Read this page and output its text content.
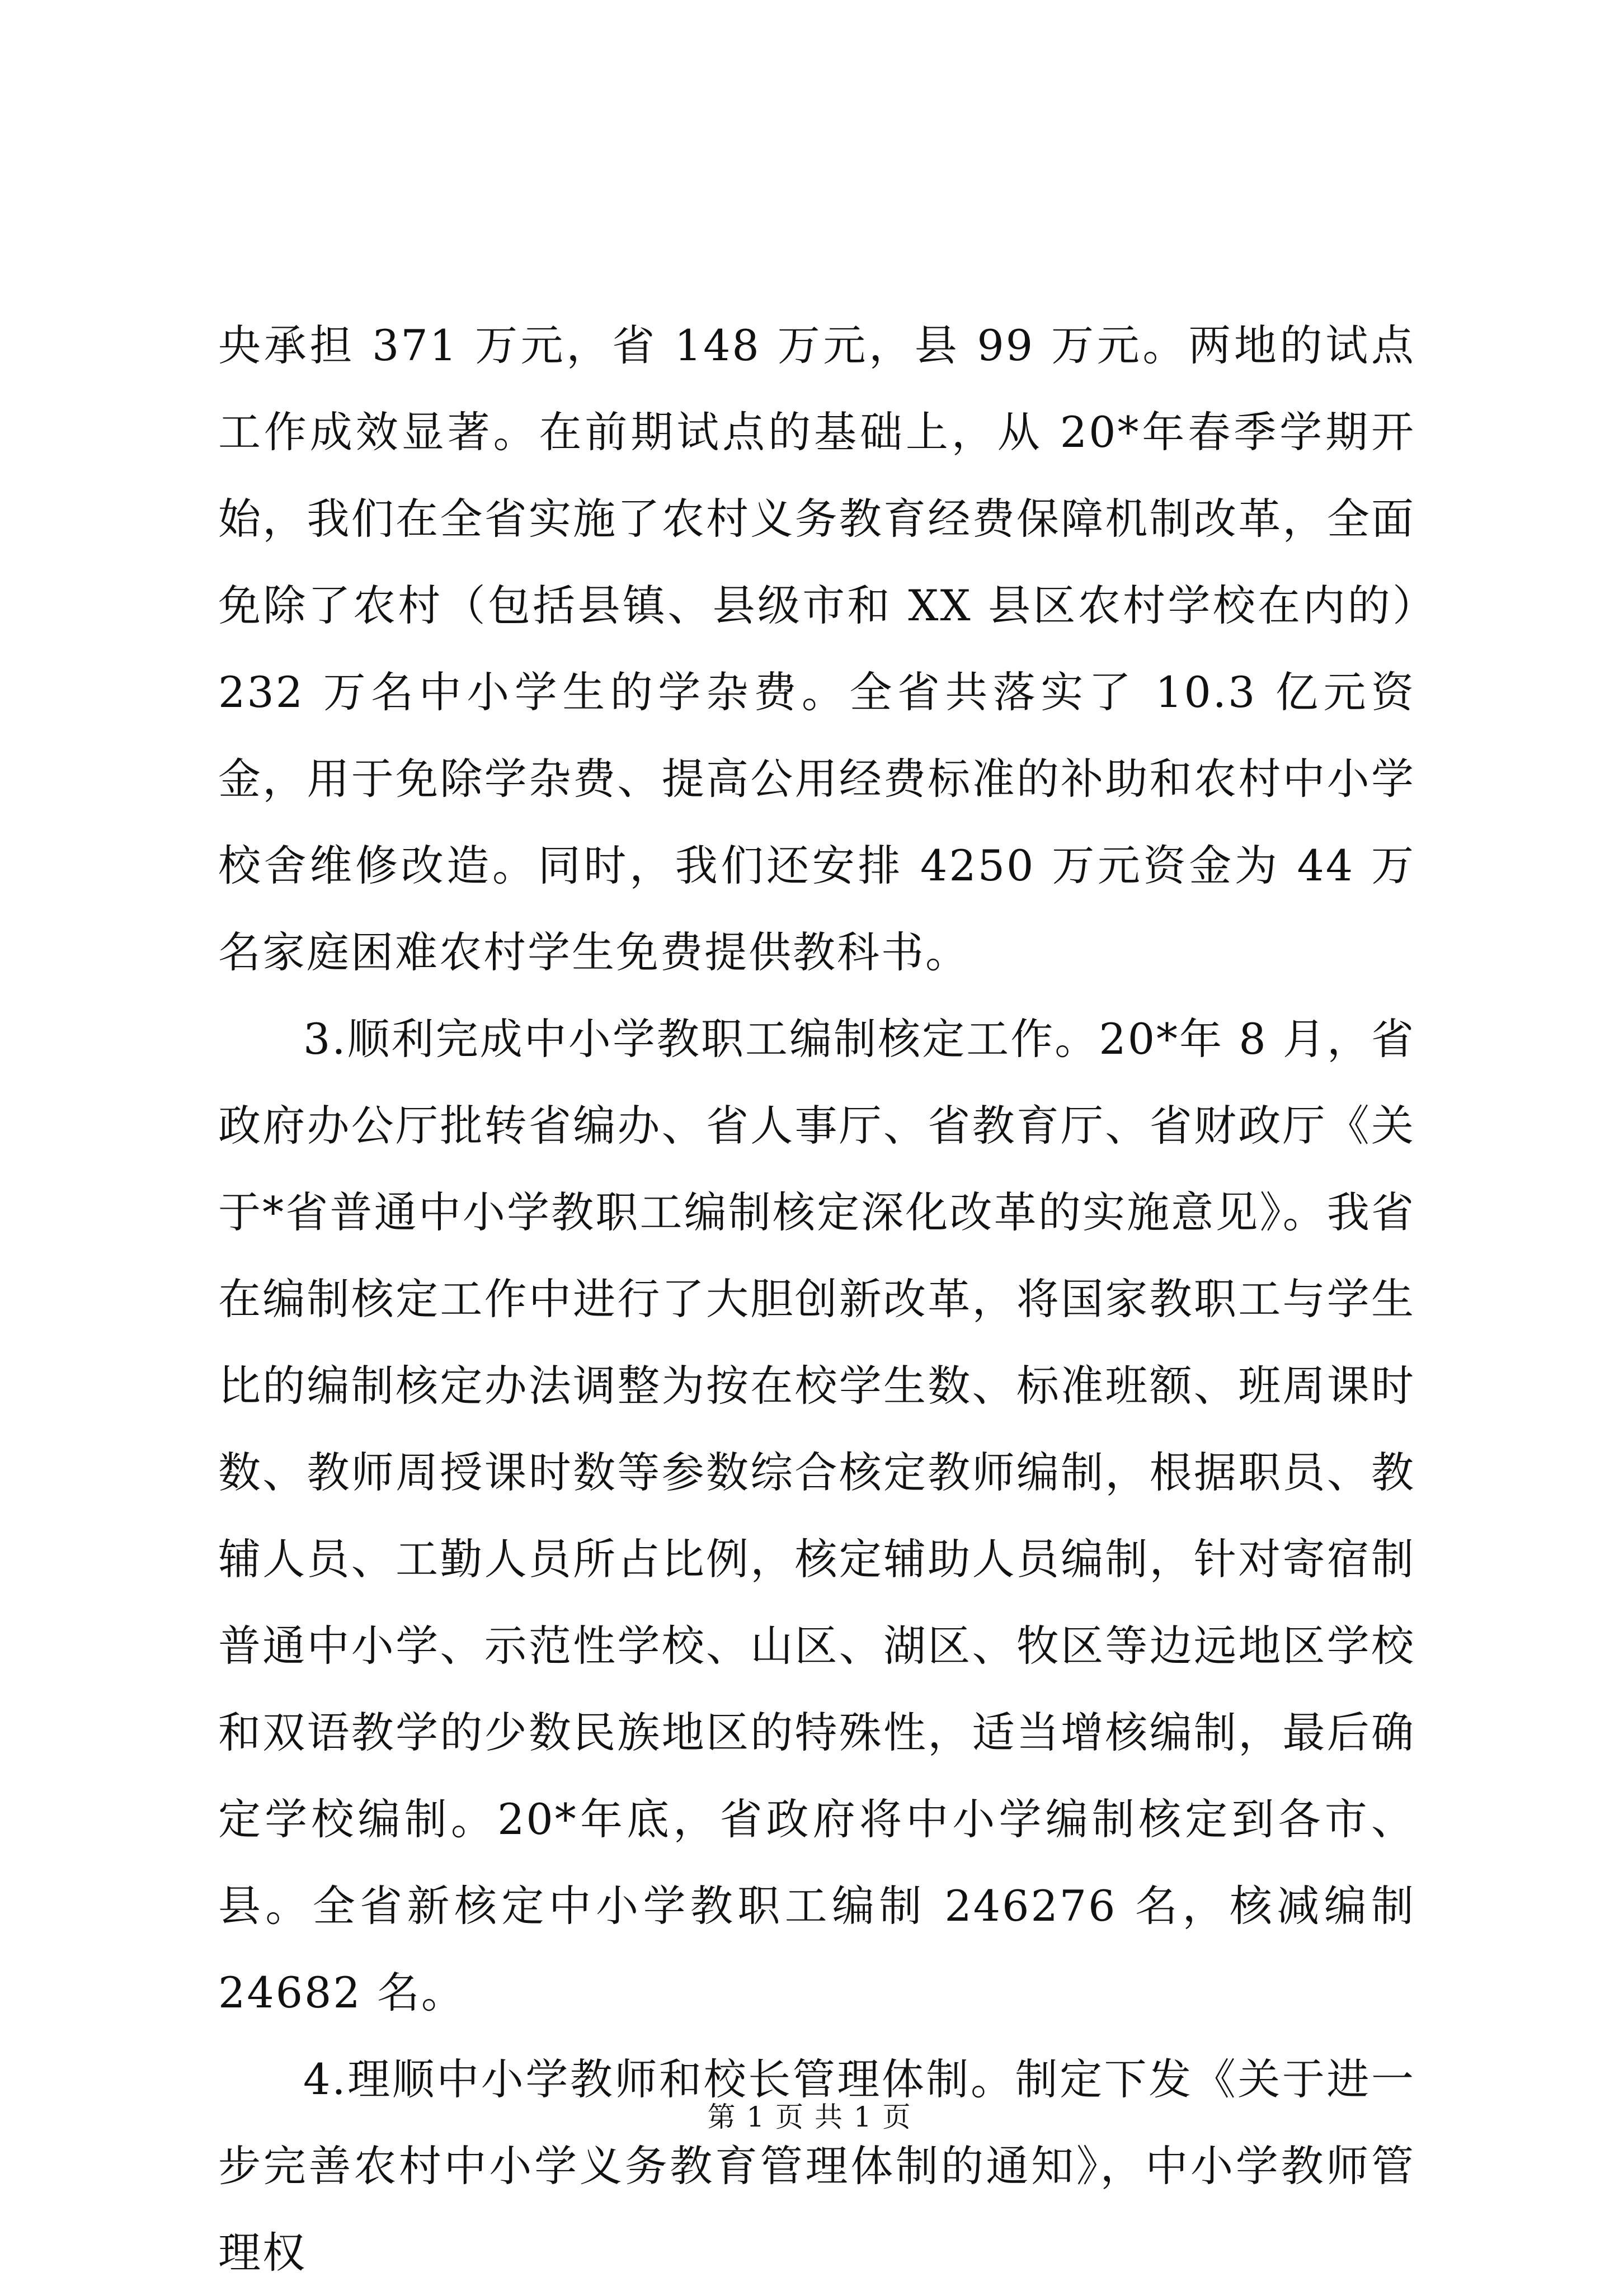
央承担 371 万元，省 148 万元，县 99 万元。两地的试点工作成效显著。在前期试点的基础上，从 20*年春季学期开始，我们在全省实施了农村义务教育经费保障机制改革，全面免除了农村（包括县镇、县级市和 XX 县区农村学校在内的）232 万名中小学生的学杂费。全省共落实了 10.3 亿元资金，用于免除学杂费、提高公用经费标准的补助和农村中小学校舍维修改造。同时，我们还安排 4250 万元资金为 44 万名家庭困难农村学生免费提供教科书。

3.顺利完成中小学教职工编制核定工作。20*年 8 月，省政府办公厅批转省编办、省人事厅、省教育厅、省财政厅《关于*省普通中小学教职工编制核定深化改革的实施意见》。我省在编制核定工作中进行了大胆创新改革，将国家教职工与学生比的编制核定办法调整为按在校学生数、标准班额、班周课时数、教师周授课时数等参数综合核定教师编制，根据职员、教辅人员、工勤人员所占比例，核定辅助人员编制，针对寄宿制普通中小学、示范性学校、山区、湖区、牧区等边远地区学校和双语教学的少数民族地区的特殊性，适当增核编制，最后确定学校编制。20*年底，省政府将中小学编制核定到各市、县。全省新核定中小学教职工编制 246276 名，核减编制 24682 名。

4.理顺中小学教师和校长管理体制。制定下发《关于进一步完善农村中小学义务教育管理体制的通知》，中小学教师管理权

第 1 页 共 1 页
